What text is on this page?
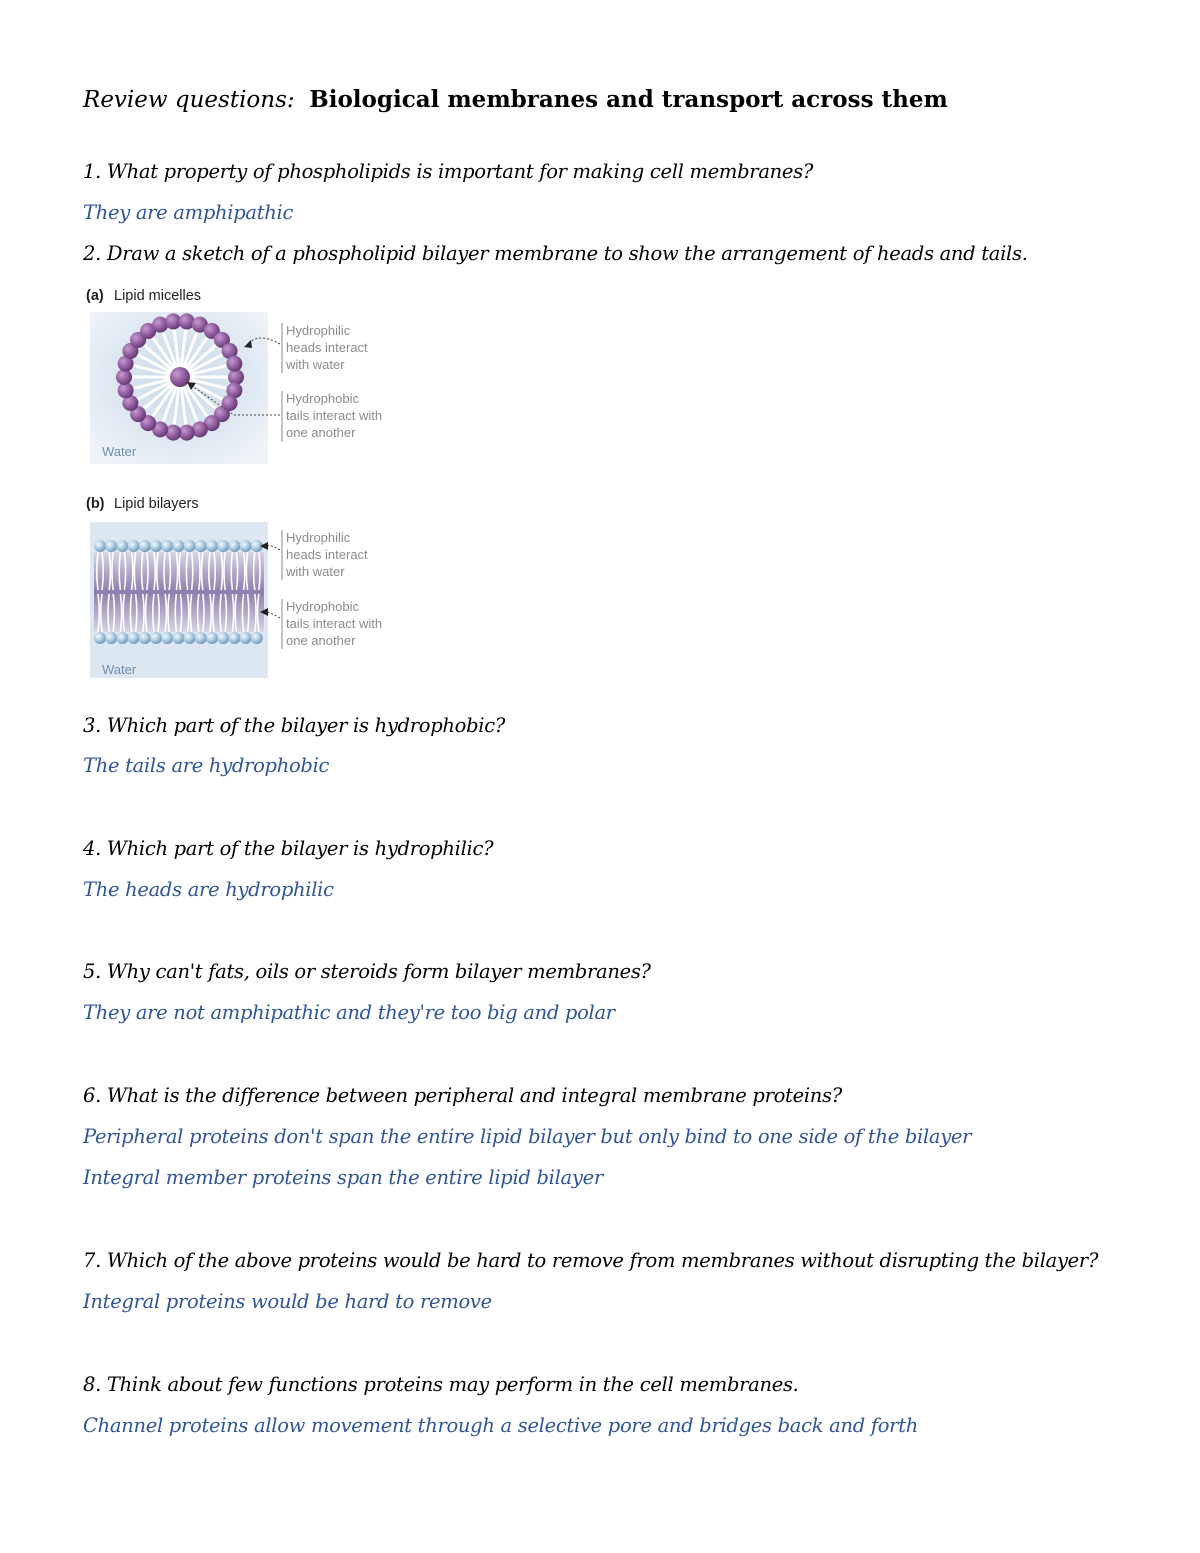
Review questions: Biological membranes and transport across them
1. What property of phospholipids is important for making cell membranes?
They are amphipathic
2. Draw a sketch of a phospholipid bilayer membrane to show the arrangement of heads and tails.
(a) Lipid micelles
Water
Hydrophilic heads interact with water
Hydrophobic tails interact with one another
(b) Lipid bilayers
Water
Hydrophilic heads interact with water
Hydrophobic tails interact with one another
3. Which part of the bilayer is hydrophobic?
The tails are hydrophobic
4. Which part of the bilayer is hydrophilic?
The heads are hydrophilic
5. Why can't fats, oils or steroids form bilayer membranes?
They are not amphipathic and they're too big and polar
6. What is the difference between peripheral and integral membrane proteins?
Peripheral proteins don't span the entire lipid bilayer but only bind to one side of the bilayer
Integral member proteins span the entire lipid bilayer
7. Which of the above proteins would be hard to remove from membranes without disrupting the bilayer?
Integral proteins would be hard to remove
8. Think about few functions proteins may perform in the cell membranes.
Channel proteins allow movement through a selective pore and bridges back and forth
